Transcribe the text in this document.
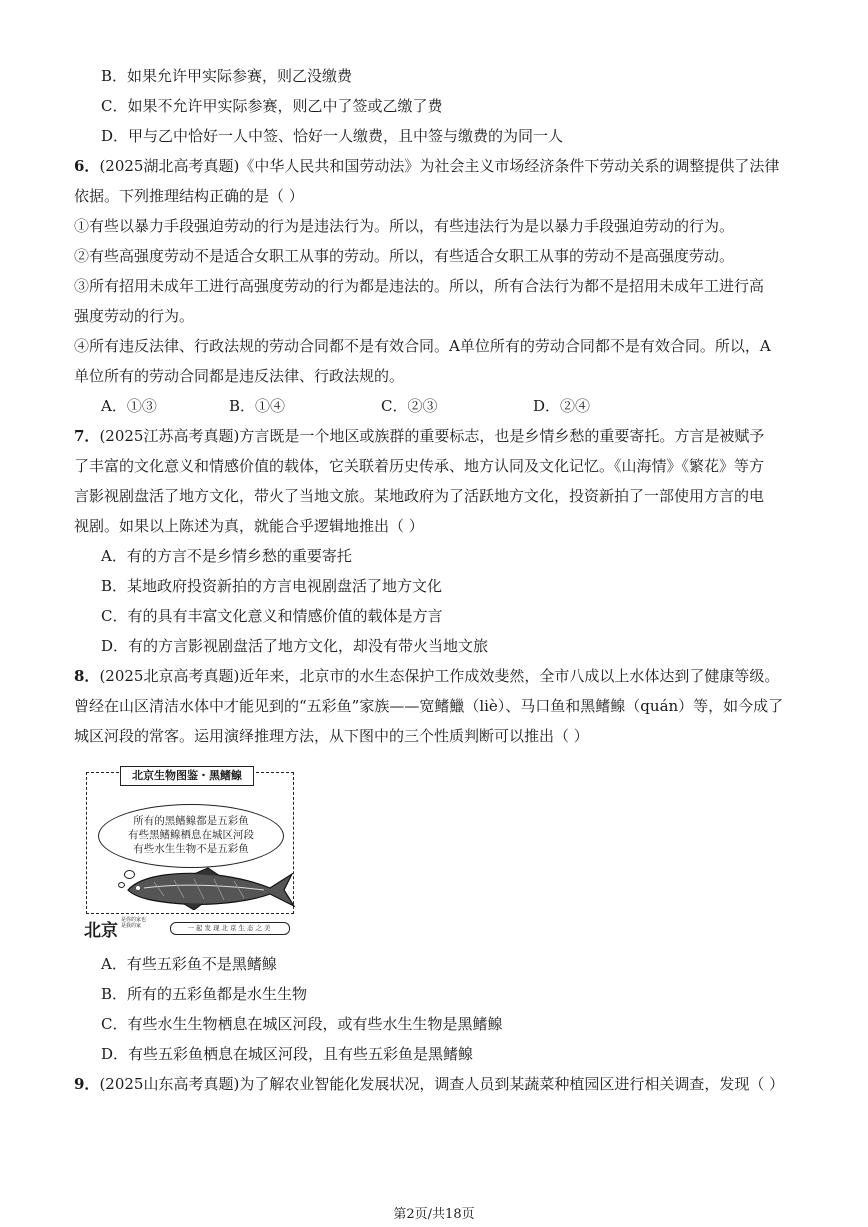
B．如果允许甲实际参赛，则乙没缴费
C．如果不允许甲实际参赛，则乙中了签或乙缴了费
D．甲与乙中恰好一人中签、恰好一人缴费，且中签与缴费的为同一人
6．(2025湖北高考真题)《中华人民共和国劳动法》为社会主义市场经济条件下劳动关系的调整提供了法律
依据。下列推理结构正确的是（ ）
①有些以暴力手段强迫劳动的行为是违法行为。所以，有些违法行为是以暴力手段强迫劳动的行为。
②有些高强度劳动不是适合女职工从事的劳动。所以，有些适合女职工从事的劳动不是高强度劳动。
③所有招用未成年工进行高强度劳动的行为都是违法的。所以，所有合法行为都不是招用未成年工进行高
强度劳动的行为。
④所有违反法律、行政法规的劳动合同都不是有效合同。A单位所有的劳动合同都不是有效合同。所以，A
单位所有的劳动合同都是违反法律、行政法规的。
A．①③	B．①④	C．②③	D．②④
7．(2025江苏高考真题)方言既是一个地区或族群的重要标志，也是乡情乡愁的重要寄托。方言是被赋予
了丰富的文化意义和情感价值的载体，它关联着历史传承、地方认同及文化记忆。《山海情》《繁花》等方
言影视剧盘活了地方文化，带火了当地文旅。某地政府为了活跃地方文化，投资新拍了一部使用方言的电
视剧。如果以上陈述为真，就能合乎逻辑地推出（ ）
A．有的方言不是乡情乡愁的重要寄托
B．某地政府投资新拍的方言电视剧盘活了地方文化
C．有的具有丰富文化意义和情感价值的载体是方言
D．有的方言影视剧盘活了地方文化，却没有带火当地文旅
8．(2025北京高考真题)近年来，北京市的水生态保护工作成效斐然，全市八成以上水体达到了健康等级。
曾经在山区清洁水体中才能见到的“五彩鱼”家族——宽鳍鱲（liè）、马口鱼和黑鳍鳈（quán）等，如今成了
城区河段的常客。运用演绎推理方法，从下图中的三个性质判断可以推出（ ）
北京生物图鉴・黑鳍鳈
所有的黑鳍鳈都是五彩鱼
有些黑鳍鳈栖息在城区河段
有些水生生物不是五彩鱼
北京
是你的家也是我的家	一起发现北京生态之美
A．有些五彩鱼不是黑鳍鳈
B．所有的五彩鱼都是水生生物
C．有些水生生物栖息在城区河段，或有些水生生物是黑鳍鳈
D．有些五彩鱼栖息在城区河段，且有些五彩鱼是黑鳍鳈
9．(2025山东高考真题)为了解农业智能化发展状况，调查人员到某蔬菜种植园区进行相关调查，发现（ ）
第2页/共18页
